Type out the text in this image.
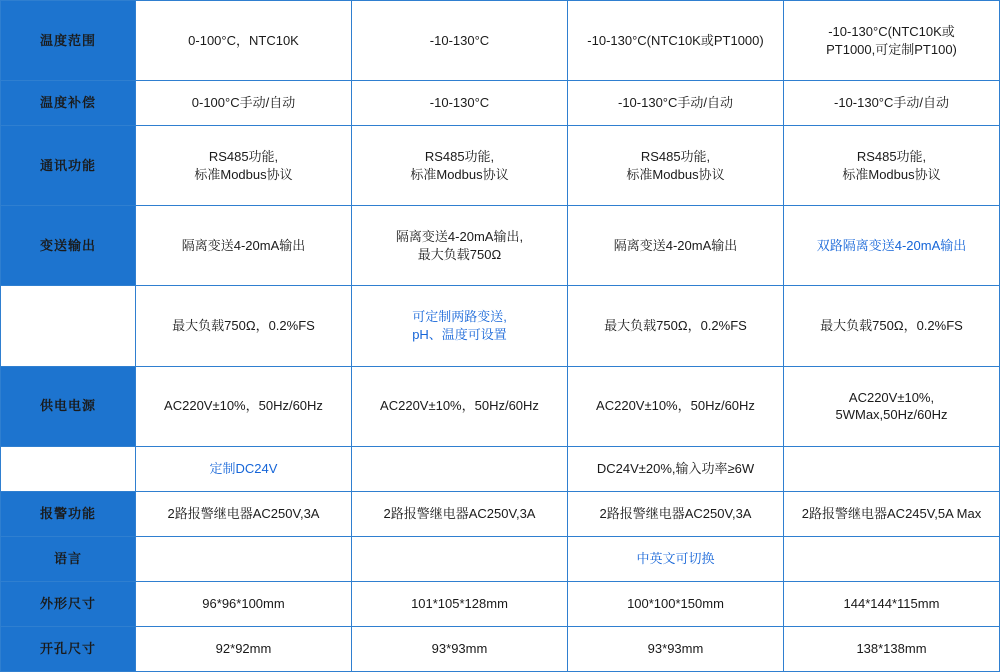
温度范围	0-100°C，NTC10K	-10-130°C	-10-130°C(NTC10K或PT1000)	-10-130°C(NTC10K或
PT1000,可定制PT100)

温度补偿	0-100°C手动/自动	-10-130°C	-10-130°C手动/自动	-10-130°C手动/自动

通讯功能	RS485功能,
标准Modbus协议	RS485功能,
标准Modbus协议	RS485功能,
标准Modbus协议	RS485功能,
标准Modbus协议

变送输出	隔离变送4-20mA输出	隔离变送4-20mA输出,
最大负载750Ω	隔离变送4-20mA输出	双路隔离变送4-20mA输出

	最大负载750Ω，0.2%FS	可定制两路变送,
pH、温度可设置	最大负载750Ω，0.2%FS	最大负载750Ω，0.2%FS

供电电源	AC220V±10%，50Hz/60Hz	AC220V±10%，50Hz/60Hz	AC220V±10%，50Hz/60Hz	AC220V±10%,
5WMax,50Hz/60Hz

	定制DC24V		DC24V±20%,输入功率≥6W	

报警功能	2路报警继电器AC250V,3A	2路报警继电器AC250V,3A	2路报警继电器AC250V,3A	2路报警继电器AC245V,5A Max

语言			中英文可切换	

外形尺寸	96*96*100mm	101*105*128mm	100*100*150mm	144*144*115mm

开孔尺寸	92*92mm	93*93mm	93*93mm	138*138mm
